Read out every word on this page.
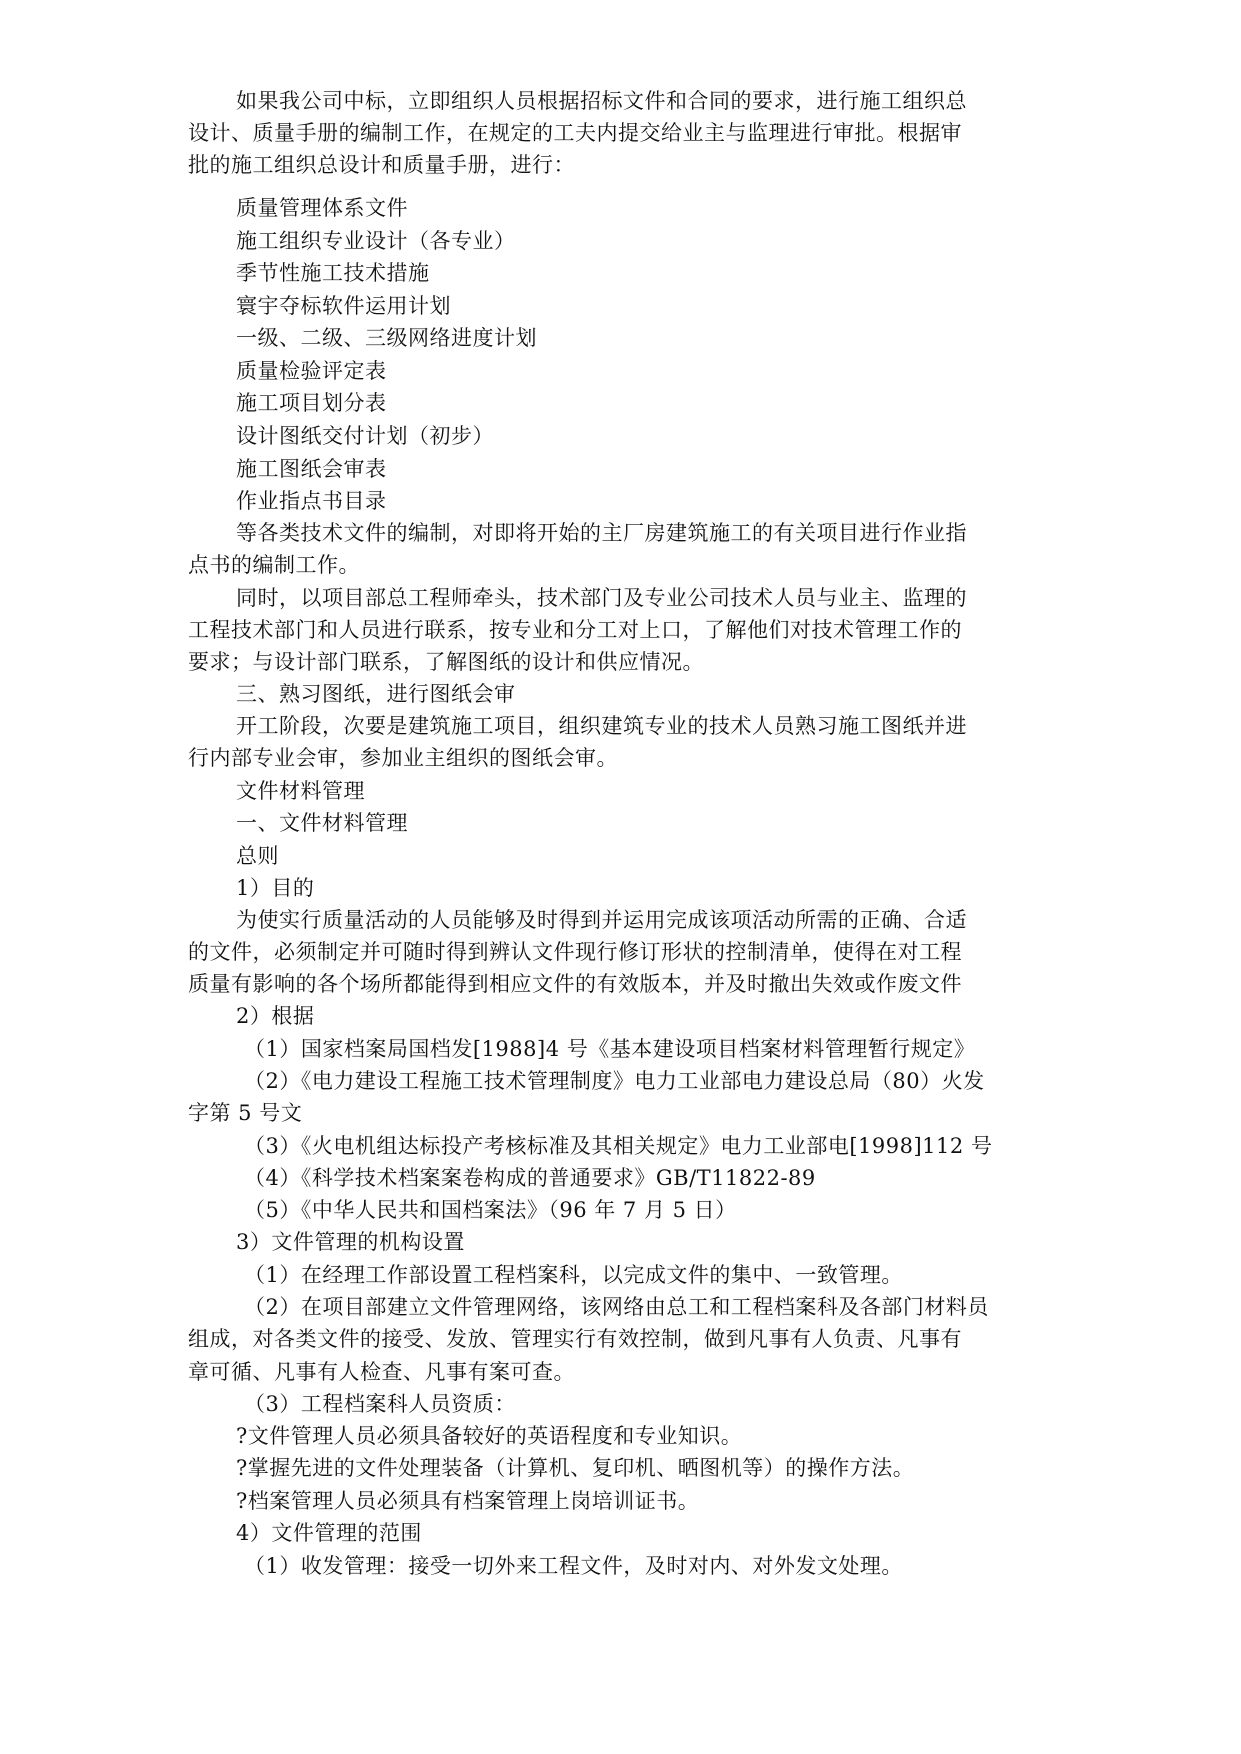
如果我公司中标，立即组织人员根据招标文件和合同的要求，进行施工组织总
设计、质量手册的编制工作，在规定的工夫内提交给业主与监理进行审批。根据审
批的施工组织总设计和质量手册，进行：
质量管理体系文件
施工组织专业设计（各专业）
季节性施工技术措施
寰宇夺标软件运用计划
一级、二级、三级网络进度计划
质量检验评定表
施工项目划分表
设计图纸交付计划（初步）
施工图纸会审表
作业指点书目录
等各类技术文件的编制，对即将开始的主厂房建筑施工的有关项目进行作业指
点书的编制工作。
同时，以项目部总工程师牵头，技术部门及专业公司技术人员与业主、监理的
工程技术部门和人员进行联系，按专业和分工对上口，了解他们对技术管理工作的
要求；与设计部门联系，了解图纸的设计和供应情况。
三、熟习图纸，进行图纸会审
开工阶段，次要是建筑施工项目，组织建筑专业的技术人员熟习施工图纸并进
行内部专业会审，参加业主组织的图纸会审。
文件材料管理
一、文件材料管理
总则
1）目的
为使实行质量活动的人员能够及时得到并运用完成该项活动所需的正确、合适
的文件，必须制定并可随时得到辨认文件现行修订形状的控制清单，使得在对工程
质量有影响的各个场所都能得到相应文件的有效版本，并及时撤出失效或作废文件
2）根据
（1）国家档案局国档发[1988]4 号《基本建设项目档案材料管理暂行规定》
（2）《电力建设工程施工技术管理制度》电力工业部电力建设总局（80）火发
字第 5 号文
（3）《火电机组达标投产考核标准及其相关规定》电力工业部电[1998]112 号
（4）《科学技术档案案卷构成的普通要求》GB/T11822-89
（5）《中华人民共和国档案法》（96 年 7 月 5 日）
3）文件管理的机构设置
（1）在经理工作部设置工程档案科，以完成文件的集中、一致管理。
（2）在项目部建立文件管理网络，该网络由总工和工程档案科及各部门材料员
组成，对各类文件的接受、发放、管理实行有效控制，做到凡事有人负责、凡事有
章可循、凡事有人检查、凡事有案可查。
（3）工程档案科人员资质：
?文件管理人员必须具备较好的英语程度和专业知识。
?掌握先进的文件处理装备（计算机、复印机、晒图机等）的操作方法。
?档案管理人员必须具有档案管理上岗培训证书。
4）文件管理的范围
（1）收发管理：接受一切外来工程文件，及时对内、对外发文处理。
